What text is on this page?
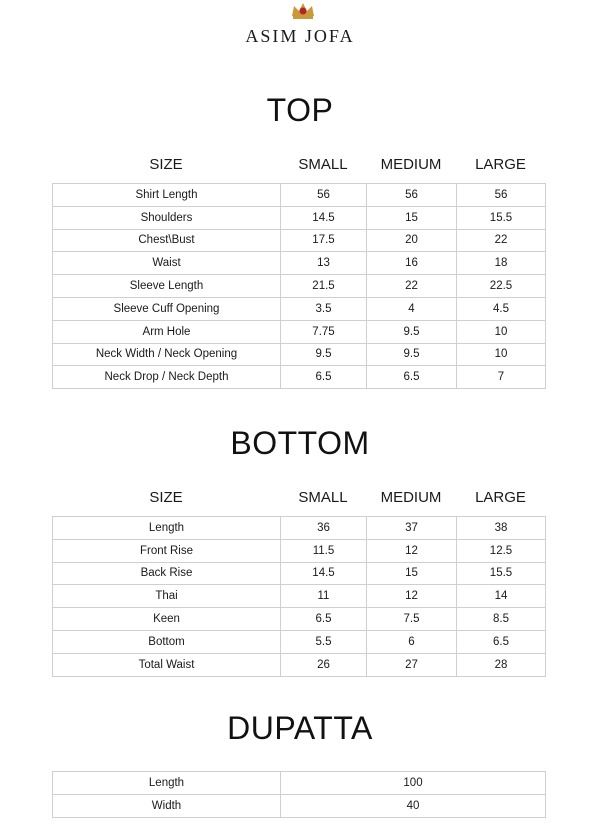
ASIM JOFA
TOP
SIZE	SMALL	MEDIUM	LARGE
Shirt Length	56	56	56
Shoulders	14.5	15	15.5
Chest\Bust	17.5	20	22
Waist	13	16	18
Sleeve Length	21.5	22	22.5
Sleeve Cuff Opening	3.5	4	4.5
Arm Hole	7.75	9.5	10
Neck Width / Neck Opening	9.5	9.5	10
Neck Drop / Neck Depth	6.5	6.5	7
BOTTOM
SIZE	SMALL	MEDIUM	LARGE
Length	36	37	38
Front Rise	11.5	12	12.5
Back Rise	14.5	15	15.5
Thai	11	12	14
Keen	6.5	7.5	8.5
Bottom	5.5	6	6.5
Total Waist	26	27	28
DUPATTA
Length	100
Width	40
